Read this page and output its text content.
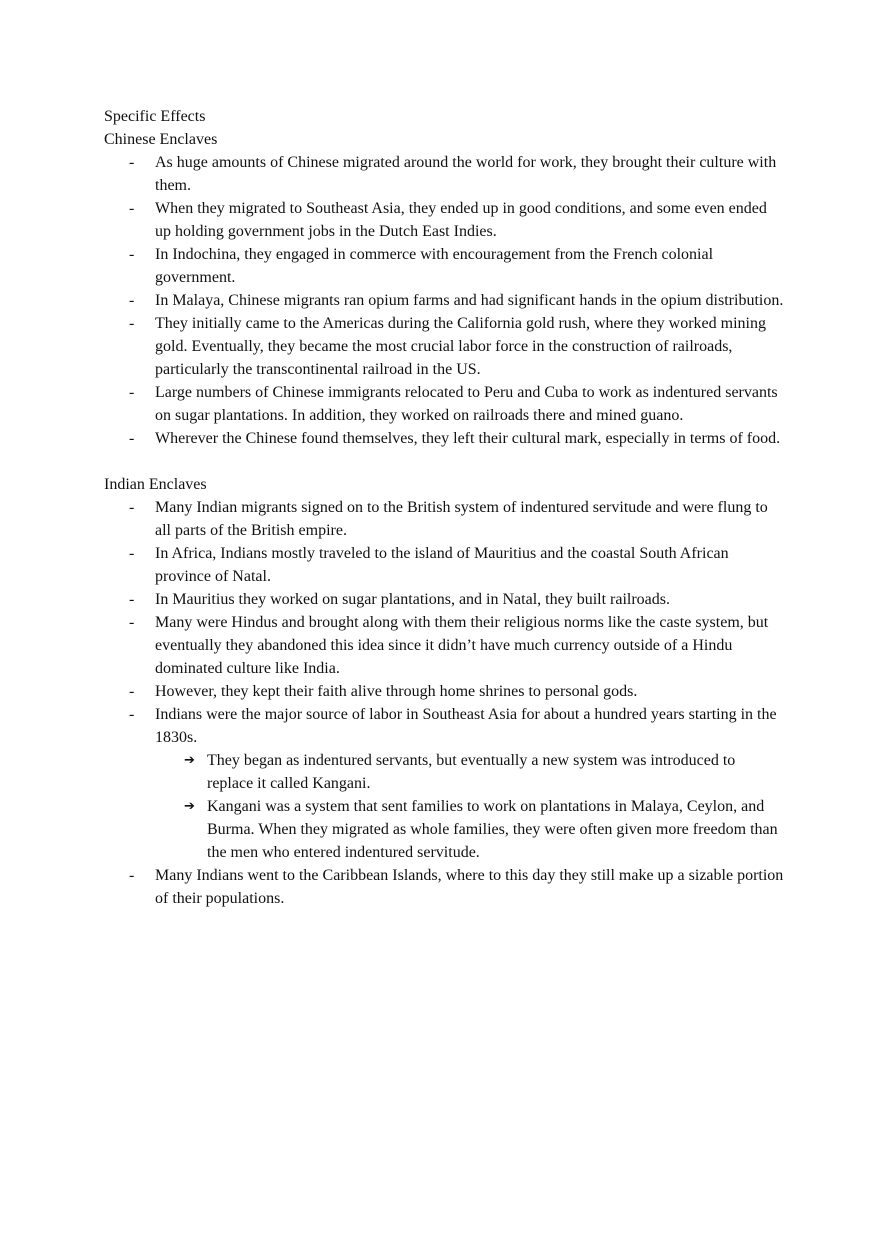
Specific Effects

Chinese Enclaves

- As huge amounts of Chinese migrated around the world for work, they brought their culture with them.
- When they migrated to Southeast Asia, they ended up in good conditions, and some even ended up holding government jobs in the Dutch East Indies.
- In Indochina, they engaged in commerce with encouragement from the French colonial government.
- In Malaya, Chinese migrants ran opium farms and had significant hands in the opium distribution.
- They initially came to the Americas during the California gold rush, where they worked mining gold. Eventually, they became the most crucial labor force in the construction of railroads, particularly the transcontinental railroad in the US.
- Large numbers of Chinese immigrants relocated to Peru and Cuba to work as indentured servants on sugar plantations. In addition, they worked on railroads there and mined guano.
- Wherever the Chinese found themselves, they left their cultural mark, especially in terms of food.

Indian Enclaves

- Many Indian migrants signed on to the British system of indentured servitude and were flung to all parts of the British empire.
- In Africa, Indians mostly traveled to the island of Mauritius and the coastal South African province of Natal.
- In Mauritius they worked on sugar plantations, and in Natal, they built railroads.
- Many were Hindus and brought along with them their religious norms like the caste system, but eventually they abandoned this idea since it didn’t have much currency outside of a Hindu dominated culture like India.
- However, they kept their faith alive through home shrines to personal gods.
- Indians were the major source of labor in Southeast Asia for about a hundred years starting in the 1830s.
➔ They began as indentured servants, but eventually a new system was introduced to replace it called Kangani.
➔ Kangani was a system that sent families to work on plantations in Malaya, Ceylon, and Burma. When they migrated as whole families, they were often given more freedom than the men who entered indentured servitude.
- Many Indians went to the Caribbean Islands, where to this day they still make up a sizable portion of their populations.
